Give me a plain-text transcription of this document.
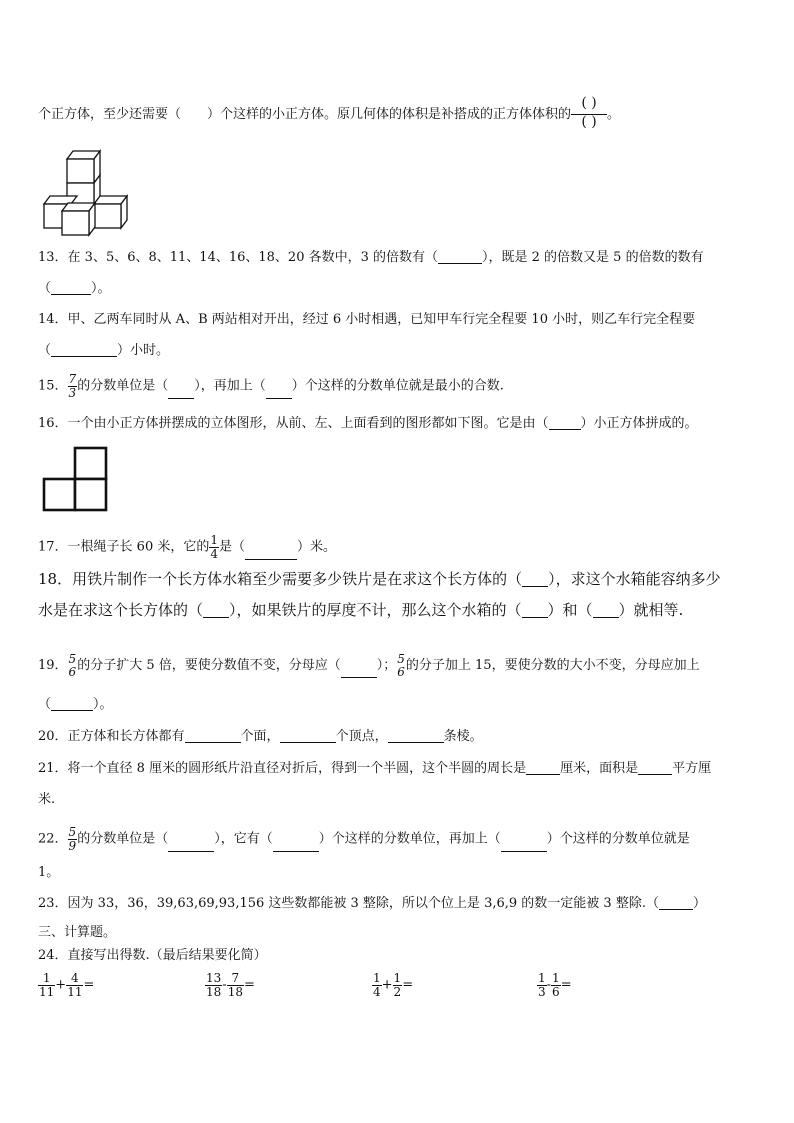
个正方体，至少还需要（ ）个这样的小正方体。原几何体的体积是补搭成的正方体体积的
( )
( ) 。
13．在 3、5、6、8、11、14、16、18、20 各数中，3 的倍数有（	），既是 2 的倍数又是 5 的倍数的数有
（	）。
14．甲、乙两车同时从 A、B 两站相对开出，经过 6 小时相遇，已知甲车行完全程要 10 小时，则乙车行完全程要
（	）小时。
15． $\frac{7}{3}$ 的分数单位是（ ），再加上（ ）个这样的分数单位就是最小的合数.
16．一个由小正方体拼摆成的立体图形，从前、左、上面看到的图形都如下图。它是由（ ）小正方体拼成的。
17．一根绳子长 60 米，它的 $\frac{1}{4}$ 是（	）米。
18．用铁片制作一个长方体水箱至少需要多少铁片是在求这个长方体的（ ），求这个水箱能容纳多少
水是在求这个长方体的（ ），如果铁片的厚度不计，那么这个水箱的（ ）和（ ）就相等.
19． 5
6 的分子扩大 5 倍，要使分数值不变，分母应（	）； 5
6 的分子加上 15，要使分数的大小不变，分母应加上
（	）。
20．正方体和长方体都有	个面，	个顶点，	条棱。
21．将一个直径 8 厘米的圆形纸片沿直径对折后，得到一个半圆，这个半圆的周长是	厘米，面积是	平方厘
米.
22． $\frac{5}{9}$ 的分数单位是（	），它有（	）个这样的分数单位，再加上（	）个这样的分数单位就是
1。
23．因为 33，36，39,63,69,93,156 这些数都能被 3 整除，所以个位上是 3,6,9 的数一定能被 3 整除.（	）
三、计算题。
24．直接写出得数.（最后结果要化简）
$\frac{1}{11} + \frac{4}{11}$ =	$\frac{13}{18} - \frac{7}{18}$ =	$\frac{1}{4} + \frac{1}{2}$ =	$\frac{1}{3} - \frac{1}{6}$ =
